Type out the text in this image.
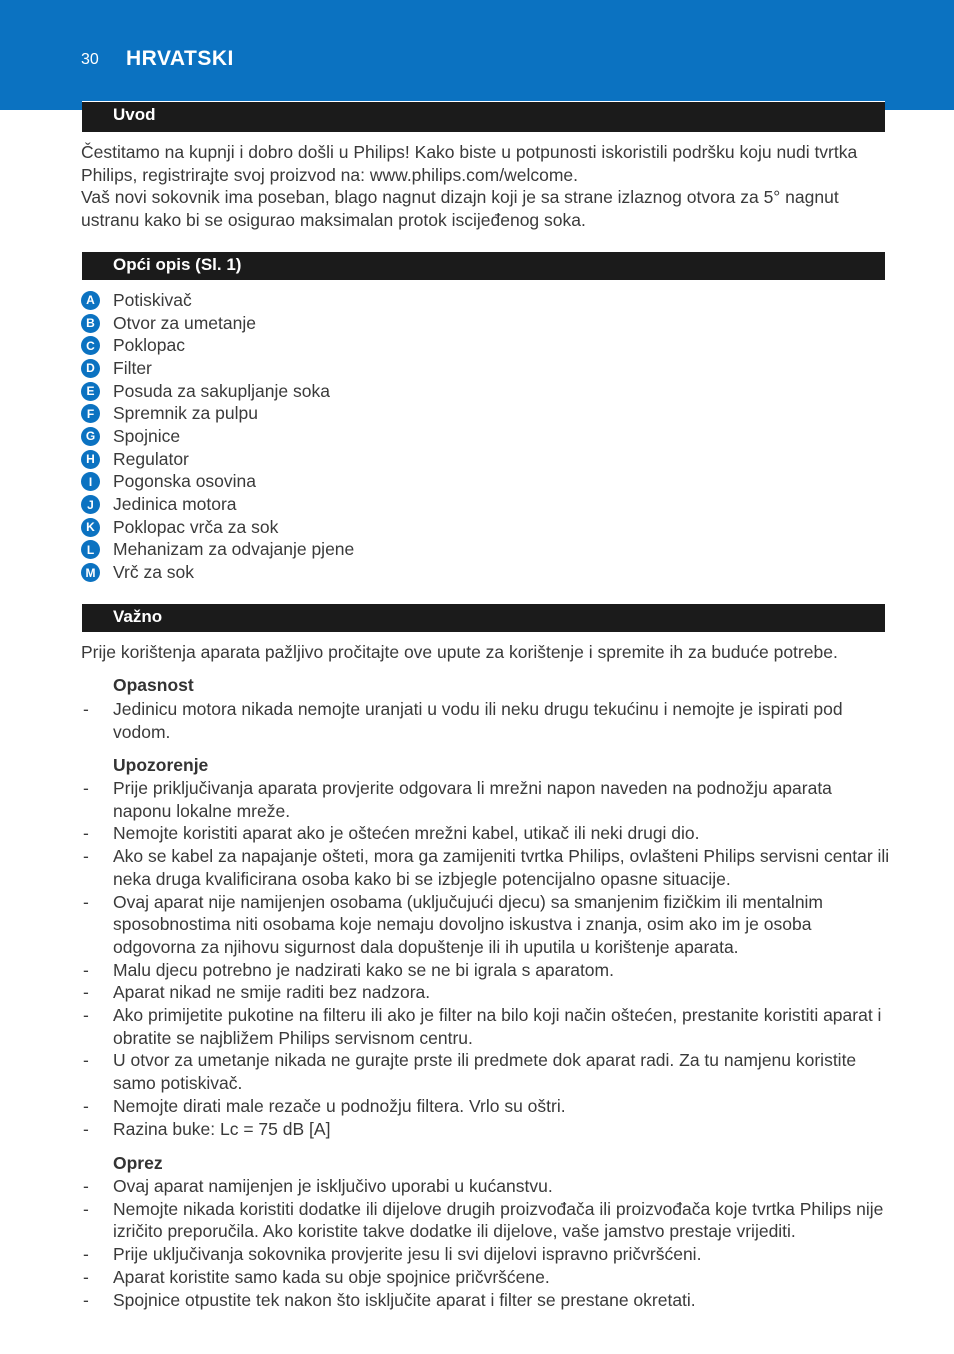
30 HRVATSKI
Uvod

Čestitamo na kupnji i dobro došli u Philips! Kako biste u potpunosti iskoristili podršku koju nudi tvrtka Philips, registrirajte svoj proizvod na: www.philips.com/welcome.

Vaš novi sokovnik ima poseban, blago nagnut dizajn koji je sa strane izlaznog otvora za 5° nagnut ustranu kako bi se osigurao maksimalan protok iscijeđenog soka.

Opći opis (Sl. 1)
A Potiskivač
B Otvor za umetanje
C Poklopac
D Filter
E	Posuda za sakupljanje soka
F	Spremnik za pulpu
G Spojnice
H Regulator
I	Pogonska osovina
J	Jedinica motora
K Poklopac vrča za sok
L	Mehanizam za odvajanje pjene
M Vrč za sok
Važno

Prije korištenja aparata pažljivo pročitajte ove upute za korištenje i spremite ih za buduće potrebe.

Opasnost
- Jedinicu motora nikada nemojte uranjati u vodu ili neku drugu tekućinu i nemojte je ispirati pod vodom.
Upozorenje
- Prije priključivanja aparata provjerite odgovara li mrežni napon naveden na podnožju aparata naponu lokalne mreže.
- Nemojte koristiti aparat ako je oštećen mrežni kabel, utikač ili neki drugi dio.
- Ako se kabel za napajanje ošteti, mora ga zamijeniti tvrtka Philips, ovlašteni Philips servisni centar ili neka druga kvalificirana osoba kako bi se izbjegle potencijalno opasne situacije.
- Ovaj aparat nije namijenjen osobama (uključujući djecu) sa smanjenim fizičkim ili mentalnim sposobnostima niti osobama koje nemaju dovoljno iskustva i znanja, osim ako im je osoba odgovorna za njihovu sigurnost dala dopuštenje ili ih uputila u korištenje aparata.
- Malu djecu potrebno je nadzirati kako se ne bi igrala s aparatom.
- Aparat nikad ne smije raditi bez nadzora.
- Ako primijetite pukotine na filteru ili ako je filter na bilo koji način oštećen, prestanite koristiti aparat i obratite se najbližem Philips servisnom centru.
- U otvor za umetanje nikada ne gurajte prste ili predmete dok aparat radi. Za tu namjenu koristite samo potiskivač.
- Nemojte dirati male rezače u podnožju filtera. Vrlo su oštri.
- Razina buke: Lc = 75 dB [A]
Oprez
- Ovaj aparat namijenjen je isključivo uporabi u kućanstvu.
- Nemojte nikada koristiti dodatke ili dijelove drugih proizvođača ili proizvođača koje tvrtka Philips nije izričito preporučila. Ako koristite takve dodatke ili dijelove, vaše jamstvo prestaje vrijediti.
- Prije uključivanja sokovnika provjerite jesu li svi dijelovi ispravno pričvršćeni.
- Aparat koristite samo kada su obje spojnice pričvršćene.
- Spojnice otpustite tek nakon što isključite aparat i filter se prestane okretati.
